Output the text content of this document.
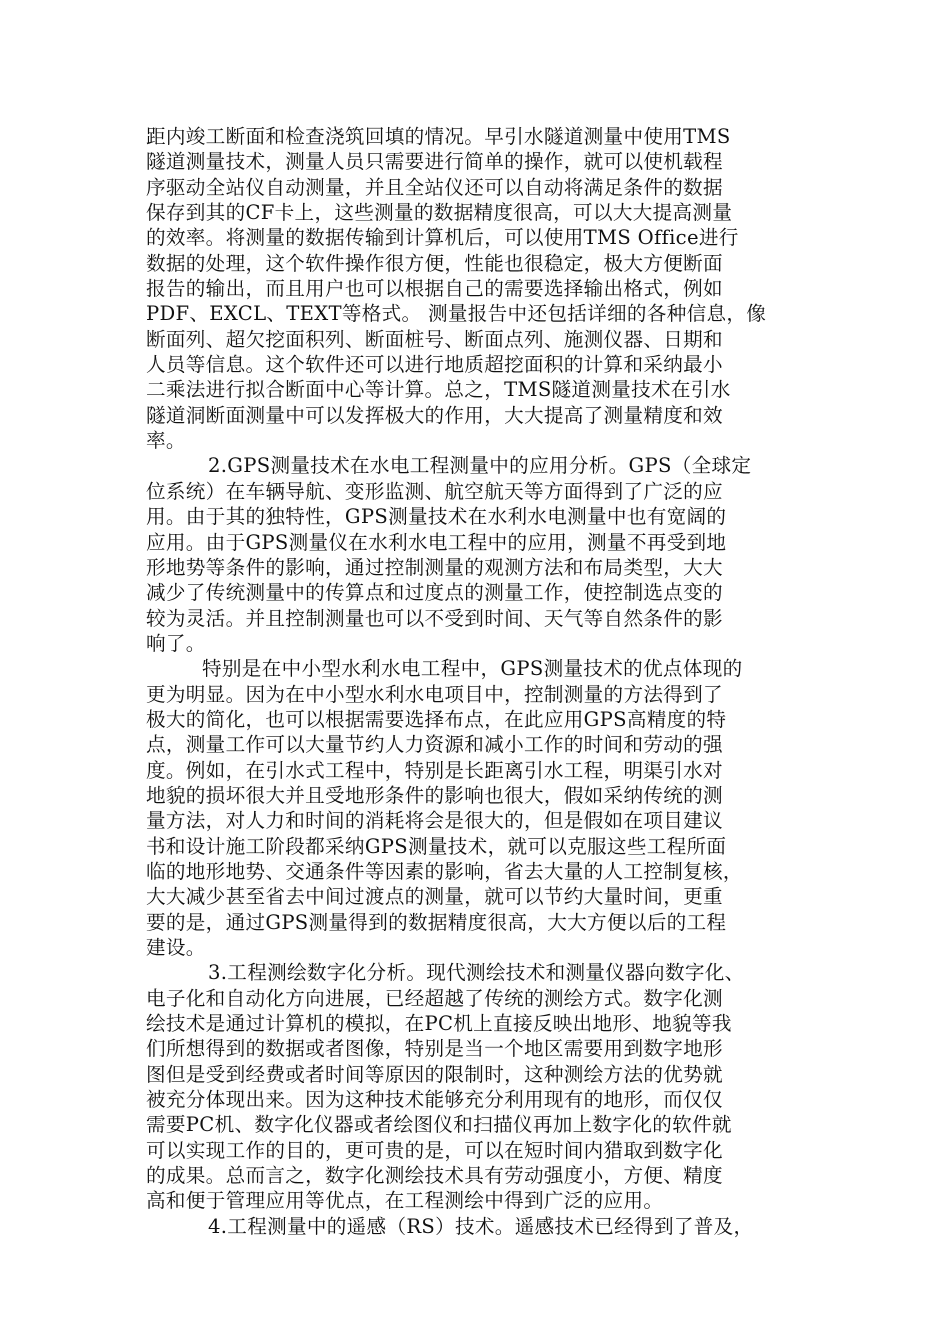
距内竣工断面和检查浇筑回填的情况。早引水隧道测量中使用TMS
隧道测量技术，测量人员只需要进行简单的操作，就可以使机载程
序驱动全站仪自动测量，并且全站仪还可以自动将满足条件的数据
保存到其的CF卡上，这些测量的数据精度很高，可以大大提高测量
的效率。将测量的数据传输到计算机后，可以使用TMS Office进行
数据的处理，这个软件操作很方便，性能也很稳定，极大方便断面
报告的输出，而且用户也可以根据自己的需要选择输出格式，例如
PDF、EXCL、TEXT等格式。 测量报告中还包括详细的各种信息，像
断面列、超欠挖面积列、断面桩号、断面点列、施测仪器、日期和
人员等信息。这个软件还可以进行地质超挖面积的计算和采纳最小
二乘法进行拟合断面中心等计算。总之，TMS隧道测量技术在引水
隧道洞断面测量中可以发挥极大的作用，大大提高了测量精度和效
率。
2.GPS测量技术在水电工程测量中的应用分析。GPS（全球定
位系统）在车辆导航、变形监测、航空航天等方面得到了广泛的应
用。由于其的独特性，GPS测量技术在水利水电测量中也有宽阔的
应用。由于GPS测量仪在水利水电工程中的应用，测量不再受到地
形地势等条件的影响，通过控制测量的观测方法和布局类型，大大
减少了传统测量中的传算点和过度点的测量工作，使控制选点变的
较为灵活。并且控制测量也可以不受到时间、天气等自然条件的影
响了。
特别是在中小型水利水电工程中，GPS测量技术的优点体现的
更为明显。因为在中小型水利水电项目中，控制测量的方法得到了
极大的简化，也可以根据需要选择布点，在此应用GPS高精度的特
点，测量工作可以大量节约人力资源和减小工作的时间和劳动的强
度。例如，在引水式工程中，特别是长距离引水工程，明渠引水对
地貌的损坏很大并且受地形条件的影响也很大，假如采纳传统的测
量方法，对人力和时间的消耗将会是很大的，但是假如在项目建议
书和设计施工阶段都采纳GPS测量技术，就可以克服这些工程所面
临的地形地势、交通条件等因素的影响，省去大量的人工控制复核，
大大减少甚至省去中间过渡点的测量，就可以节约大量时间，更重
要的是，通过GPS测量得到的数据精度很高，大大方便以后的工程
建设。
3.工程测绘数字化分析。现代测绘技术和测量仪器向数字化、
电子化和自动化方向进展，已经超越了传统的测绘方式。数字化测
绘技术是通过计算机的模拟，在PC机上直接反映出地形、地貌等我
们所想得到的数据或者图像，特别是当一个地区需要用到数字地形
图但是受到经费或者时间等原因的限制时，这种测绘方法的优势就
被充分体现出来。因为这种技术能够充分利用现有的地形，而仅仅
需要PC机、数字化仪器或者绘图仪和扫描仪再加上数字化的软件就
可以实现工作的目的，更可贵的是，可以在短时间内猎取到数字化
的成果。总而言之，数字化测绘技术具有劳动强度小，方便、精度
高和便于管理应用等优点，在工程测绘中得到广泛的应用。
4.工程测量中的遥感（RS）技术。遥感技术已经得到了普及，
